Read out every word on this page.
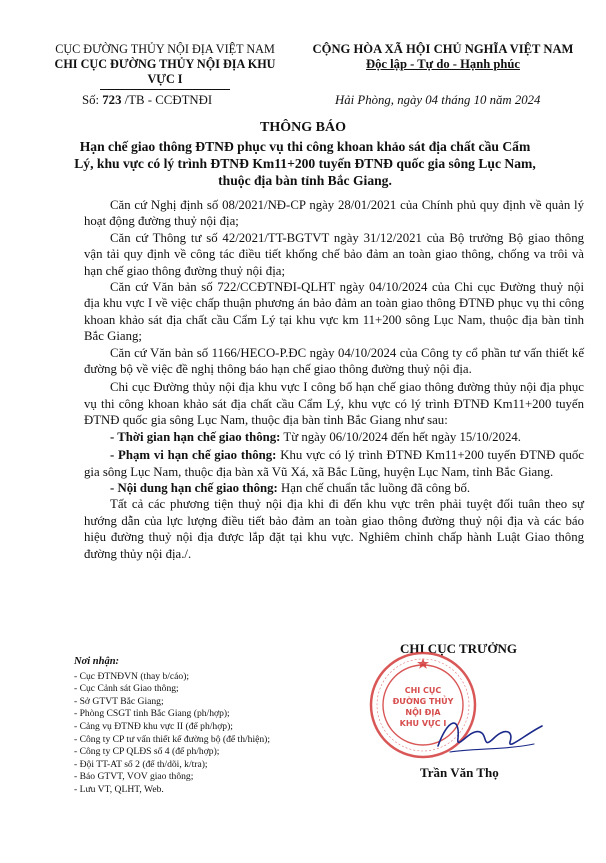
CỤC ĐƯỜNG THỦY NỘI ĐỊA VIỆT NAM
CHI CỤC ĐƯỜNG THỦY NỘI ĐỊA KHU VỰC I
CỘNG HÒA XÃ HỘI CHỦ NGHĨA VIỆT NAM
Độc lập - Tự do - Hạnh phúc
Số: 723 /TB - CCĐTNĐI	Hải Phòng, ngày 04 tháng 10 năm 2024
THÔNG BÁO
Hạn chế giao thông ĐTNĐ phục vụ thi công khoan khảo sát địa chất cầu Cẩm Lý, khu vực có lý trình ĐTNĐ Km11+200 tuyến ĐTNĐ quốc gia sông Lục Nam, thuộc địa bàn tỉnh Bắc Giang.

Căn cứ Nghị định số 08/2021/NĐ-CP ngày 28/01/2021 của Chính phủ quy định về quản lý hoạt động đường thuỷ nội địa;

Căn cứ Thông tư số 42/2021/TT-BGTVT ngày 31/12/2021 của Bộ trưởng Bộ giao thông vận tải quy định về công tác điều tiết khống chế bảo đảm an toàn giao thông, chống va trôi và hạn chế giao thông đường thuỷ nội địa;

Căn cứ Văn bản số 722/CCĐTNĐI-QLHT ngày 04/10/2024 của Chi cục Đường thuỷ nội địa khu vực I về việc chấp thuận phương án bảo đảm an toàn giao thông ĐTNĐ phục vụ thi công khoan khảo sát địa chất cầu Cẩm Lý tại khu vực km 11+200 sông Lục Nam, thuộc địa bàn tỉnh Bắc Giang;

Căn cứ Văn bản số 1166/HECO-P.ĐC ngày 04/10/2024 của Công ty cổ phần tư vấn thiết kế đường bộ về việc đề nghị thông báo hạn chế giao thông đường thuỷ nội địa.

Chi cục Đường thủy nội địa khu vực I công bố hạn chế giao thông đường thủy nội địa phục vụ thi công khoan khảo sát địa chất cầu Cẩm Lý, khu vực có lý trình ĐTNĐ Km11+200 tuyến ĐTNĐ quốc gia sông Lục Nam, thuộc địa bàn tỉnh Bắc Giang như sau:

- Thời gian hạn chế giao thông: Từ ngày 06/10/2024 đến hết ngày 15/10/2024.

- Phạm vi hạn chế giao thông: Khu vực có lý trình ĐTNĐ Km11+200 tuyến ĐTNĐ quốc gia sông Lục Nam, thuộc địa bàn xã Vũ Xá, xã Bắc Lũng, huyện Lục Nam, tỉnh Bắc Giang.

- Nội dung hạn chế giao thông: Hạn chế chuẩn tắc luồng đã công bố.

Tất cả các phương tiện thuỷ nội địa khi đi đến khu vực trên phải tuyệt đối tuân theo sự hướng dẫn của lực lượng điều tiết bảo đảm an toàn giao thông đường thuỷ nội địa và các báo hiệu đường thuỷ nội địa được lắp đặt tại khu vực. Nghiêm chỉnh chấp hành Luật Giao thông đường thủy nội địa./.

CHI CỤC TRƯỞNG
CHI CỤC
ĐƯỜNG THỦY
NỘI ĐỊA
KHU VỰC I
Trần Văn Thọ
Nơi nhận:
- Cục ĐTNĐVN (thay b/cáo);
- Cục Cảnh sát Giao thông;
- Sở GTVT Bắc Giang;
- Phòng CSGT tỉnh Bắc Giang (ph/hợp);
- Cảng vụ ĐTNĐ khu vực II (để ph/hợp);
- Công ty CP tư vấn thiết kế đường bộ (để th/hiện);
- Công ty CP QLĐS số 4 (để ph/hợp);
- Đội TT-AT số 2 (để th/dõi, k/tra);
- Báo GTVT, VOV giao thông;
- Lưu VT, QLHT, Web.
